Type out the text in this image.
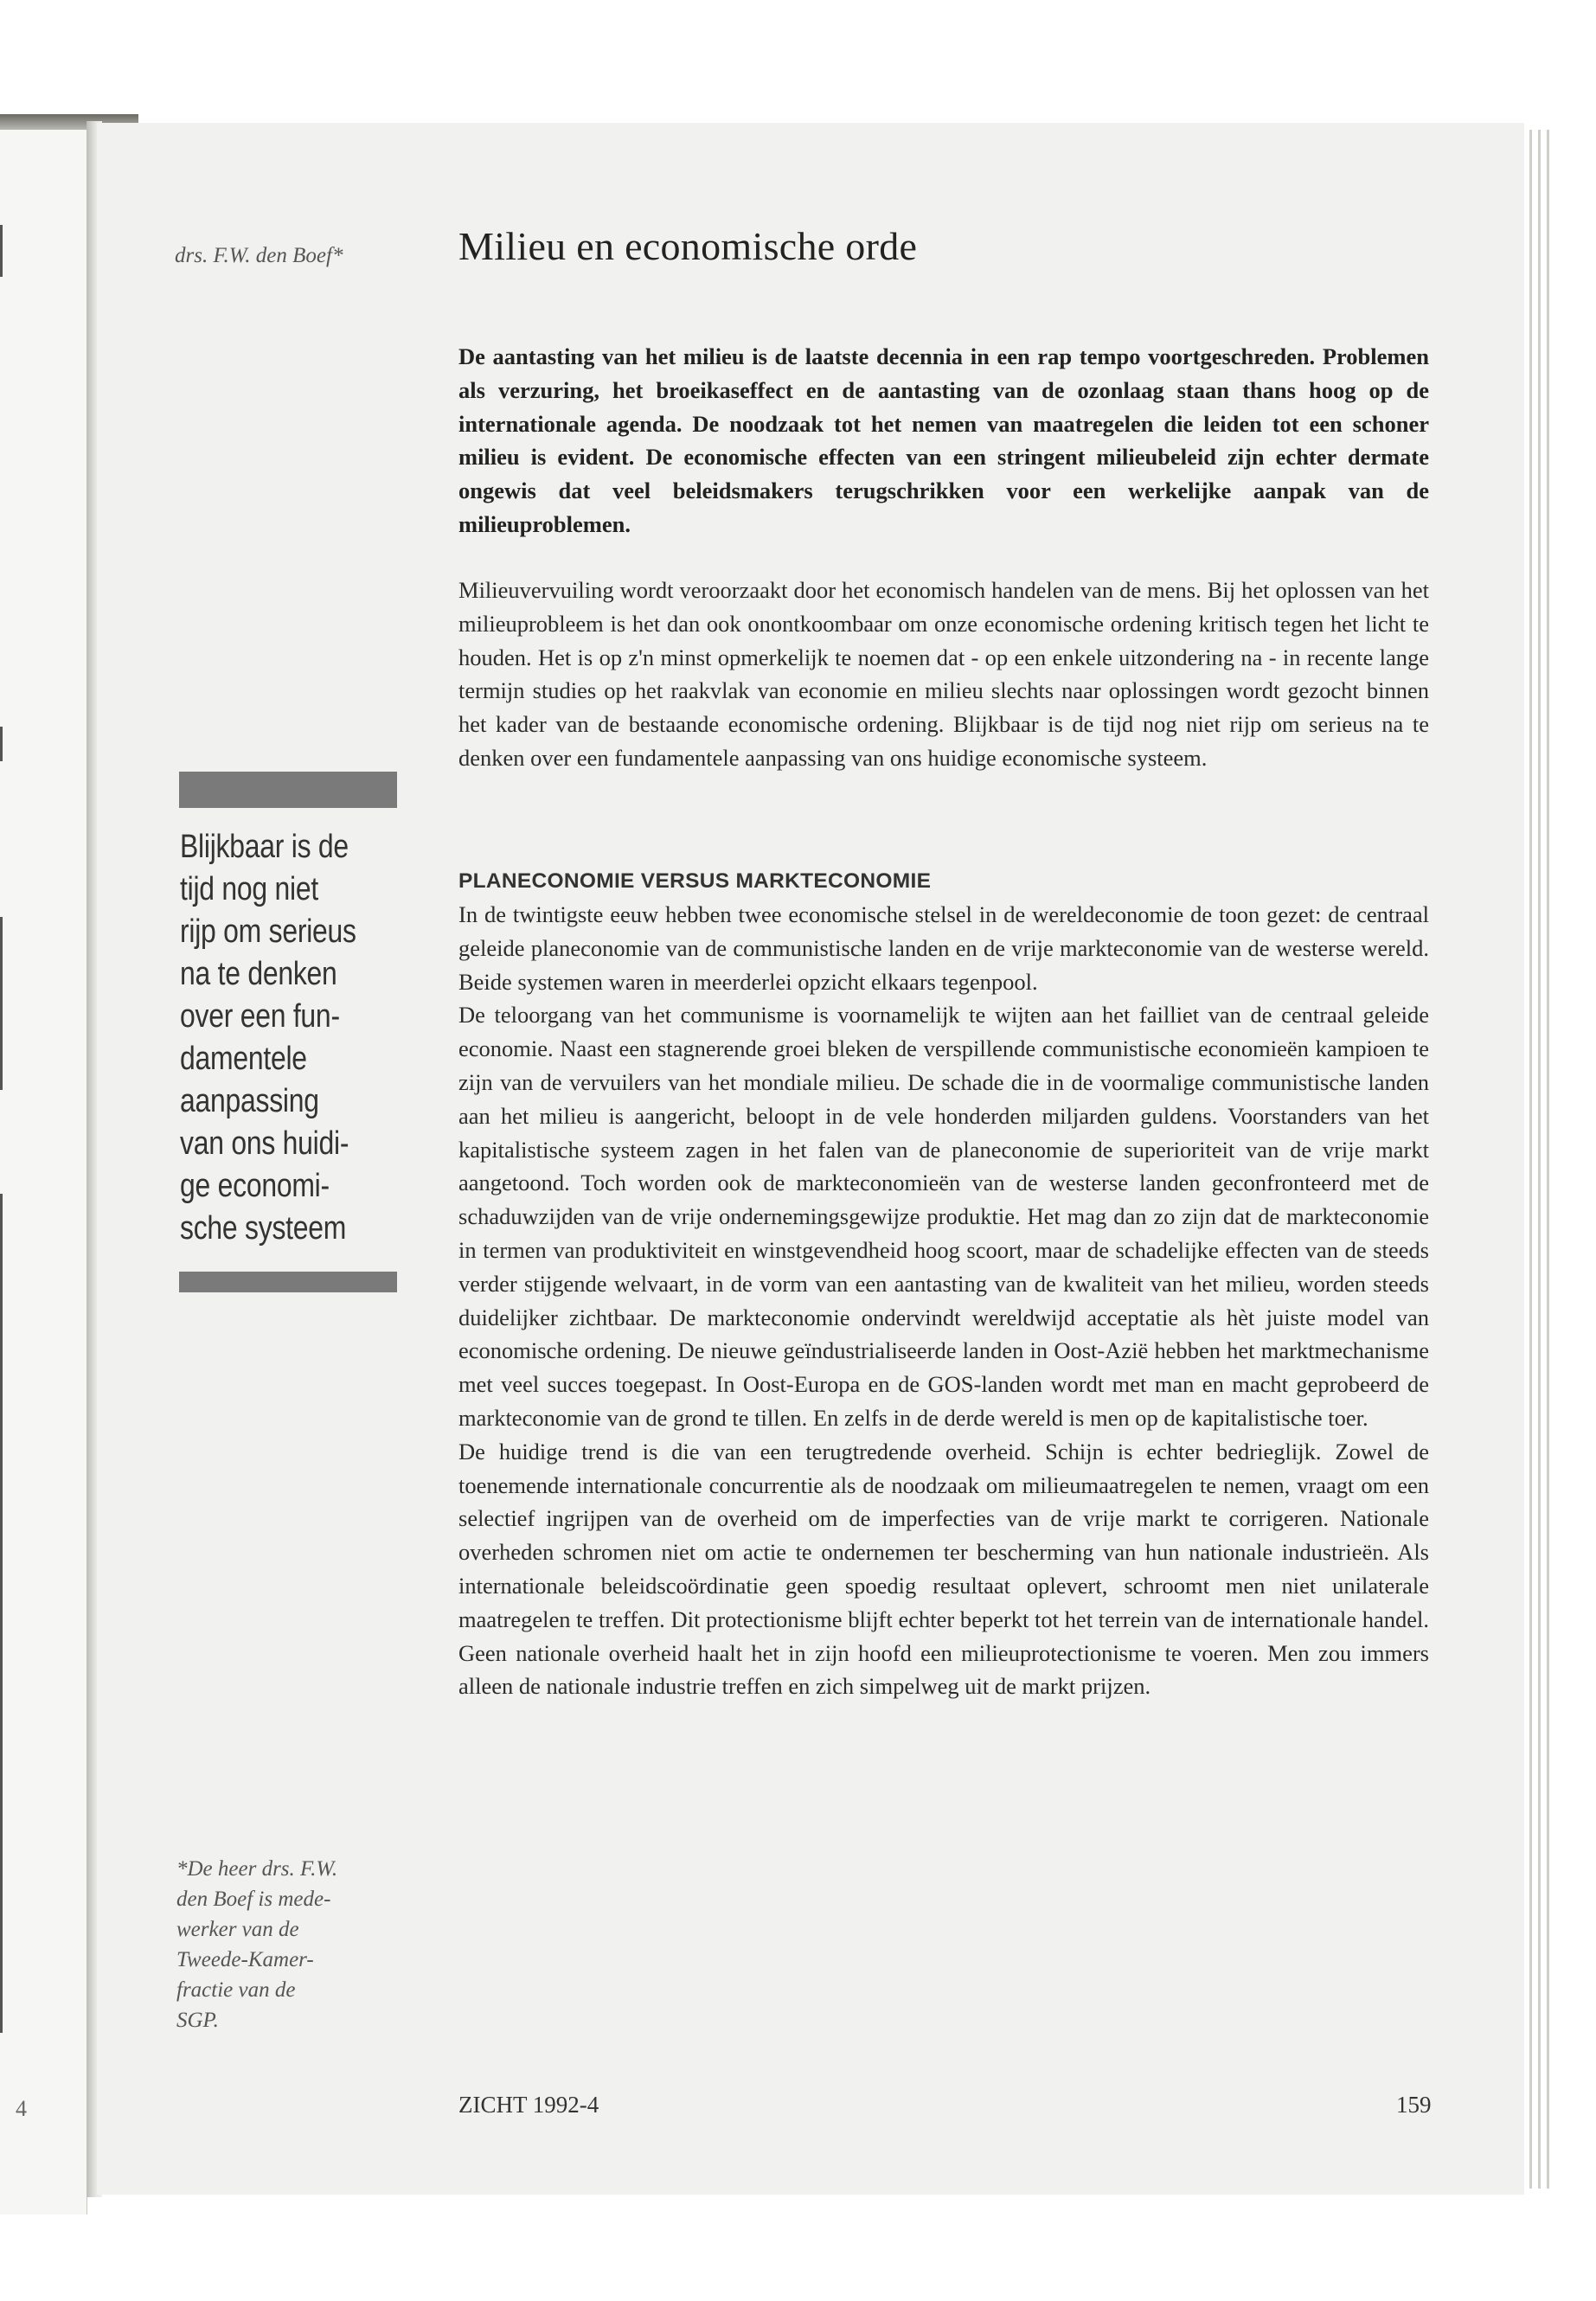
4
drs. F.W. den Boef*
Blijkbaar is de
tijd nog niet
rijp om serieus
na te denken
over een fun-
damentele
aanpassing
van ons huidi-
ge economi-
sche systeem
*De heer drs. F.W.
den Boef is mede-
werker van de
Tweede-Kamer-
fractie van de
SGP.
Milieu en economische orde

De aantasting van het milieu is de laatste decennia in een rap tempo voortgeschreden. Problemen als verzuring, het broeikaseffect en de aantasting van de ozonlaag staan thans hoog op de internationale agenda. De noodzaak tot het nemen van maatregelen die leiden tot een schoner milieu is evident. De economische effecten van een stringent milieubeleid zijn echter dermate ongewis dat veel beleidsmakers terugschrikken voor een werkelijke aanpak van de milieuproblemen.

Milieuvervuiling wordt veroorzaakt door het economisch handelen van de mens. Bij het oplossen van het milieuprobleem is het dan ook onontkoombaar om onze economische ordening kritisch tegen het licht te houden. Het is op z'n minst opmerkelijk te noemen dat - op een enkele uitzondering na - in recente lange termijn studies op het raakvlak van economie en milieu slechts naar oplossingen wordt gezocht binnen het kader van de bestaande economische ordening. Blijkbaar is de tijd nog niet rijp om serieus na te denken over een fundamentele aanpassing van ons huidige economische systeem.

PLANECONOMIE VERSUS MARKTECONOMIE

In de twintigste eeuw hebben twee economische stelsel in de wereldeconomie de toon gezet: de centraal geleide planeconomie van de communistische landen en de vrije markteconomie van de westerse wereld. Beide systemen waren in meerderlei opzicht elkaars tegenpool.

De teloorgang van het communisme is voornamelijk te wijten aan het failliet van de centraal geleide economie. Naast een stagnerende groei bleken de verspillende communistische economieën kampioen te zijn van de vervuilers van het mondiale milieu. De schade die in de voormalige communistische landen aan het milieu is aangericht, beloopt in de vele honderden miljarden guldens. Voorstanders van het kapitalistische systeem zagen in het falen van de planeconomie de superioriteit van de vrije markt aangetoond. Toch worden ook de markteconomieën van de westerse landen geconfronteerd met de schaduwzijden van de vrije ondernemingsgewijze produktie. Het mag dan zo zijn dat de markteconomie in termen van produktiviteit en winstgevendheid hoog scoort, maar de schadelijke effecten van de steeds verder stijgende welvaart, in de vorm van een aantasting van de kwaliteit van het milieu, worden steeds duidelijker zichtbaar. De markteconomie ondervindt wereldwijd acceptatie als hèt juiste model van economische ordening. De nieuwe geïndustrialiseerde landen in Oost-Azië hebben het marktmechanisme met veel succes toegepast. In Oost-Europa en de GOS-landen wordt met man en macht geprobeerd de markteconomie van de grond te tillen. En zelfs in de derde wereld is men op de kapitalistische toer.

De huidige trend is die van een terugtredende overheid. Schijn is echter bedrieglijk. Zowel de toenemende internationale concurrentie als de noodzaak om milieumaatregelen te nemen, vraagt om een selectief ingrijpen van de overheid om de imperfecties van de vrije markt te corrigeren. Nationale overheden schromen niet om actie te ondernemen ter bescherming van hun nationale industrieën. Als internationale beleidscoördinatie geen spoedig resultaat oplevert, schroomt men niet unilaterale maatregelen te treffen. Dit protectionisme blijft echter beperkt tot het terrein van de internationale handel. Geen nationale overheid haalt het in zijn hoofd een milieuprotectionisme te voeren. Men zou immers alleen de nationale industrie treffen en zich simpelweg uit de markt prijzen.

ZICHT 1992-4	159
